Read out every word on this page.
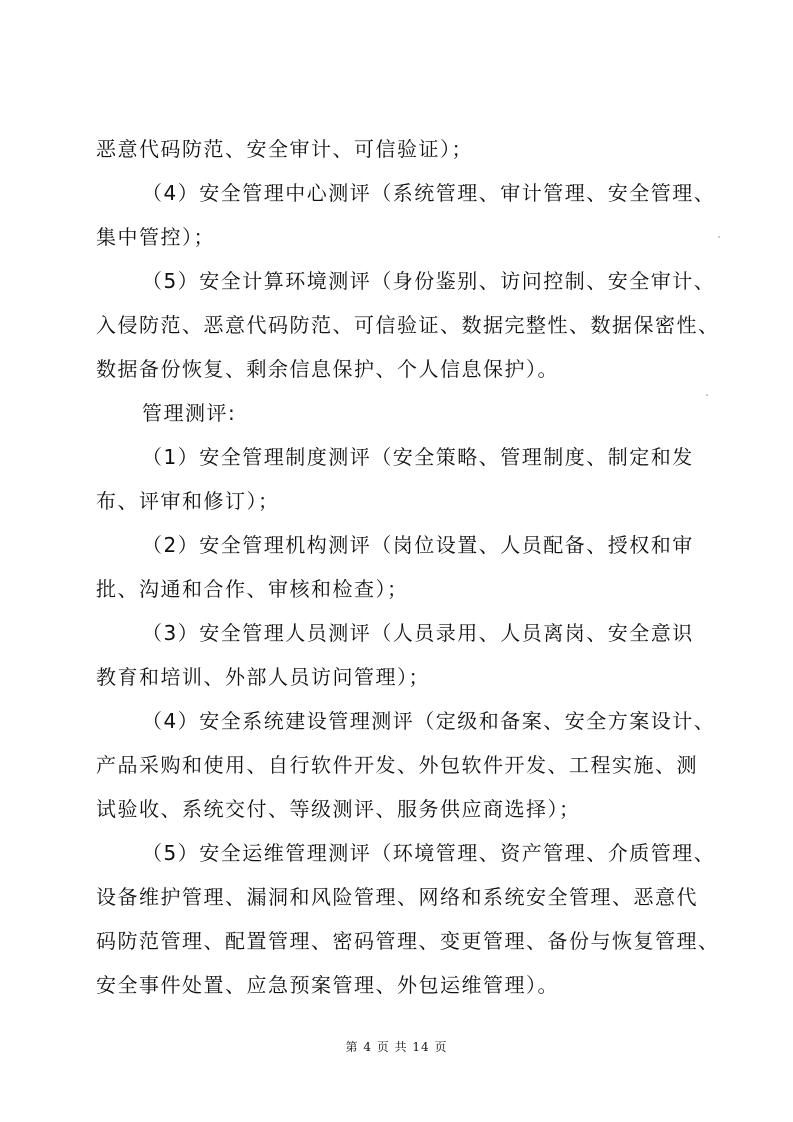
恶意代码防范、安全审计、可信验证）；
（4）安全管理中心测评（系统管理、审计管理、安全管理、
集中管控）；
（5）安全计算环境测评（身份鉴别、访问控制、安全审计、
入侵防范、恶意代码防范、可信验证、数据完整性、数据保密性、
数据备份恢复、剩余信息保护、个人信息保护）。
管理测评:
（1）安全管理制度测评（安全策略、管理制度、制定和发
布、评审和修订）；
（2）安全管理机构测评（岗位设置、人员配备、授权和审
批、沟通和合作、审核和检查）；
（3）安全管理人员测评（人员录用、人员离岗、安全意识
教育和培训、外部人员访问管理）；
（4）安全系统建设管理测评（定级和备案、安全方案设计、
产品采购和使用、自行软件开发、外包软件开发、工程实施、测
试验收、系统交付、等级测评、服务供应商选择）；
（5）安全运维管理测评（环境管理、资产管理、介质管理、
设备维护管理、漏洞和风险管理、网络和系统安全管理、恶意代
码防范管理、配置管理、密码管理、变更管理、备份与恢复管理、
安全事件处置、应急预案管理、外包运维管理）。
第 4 页 共 14 页
